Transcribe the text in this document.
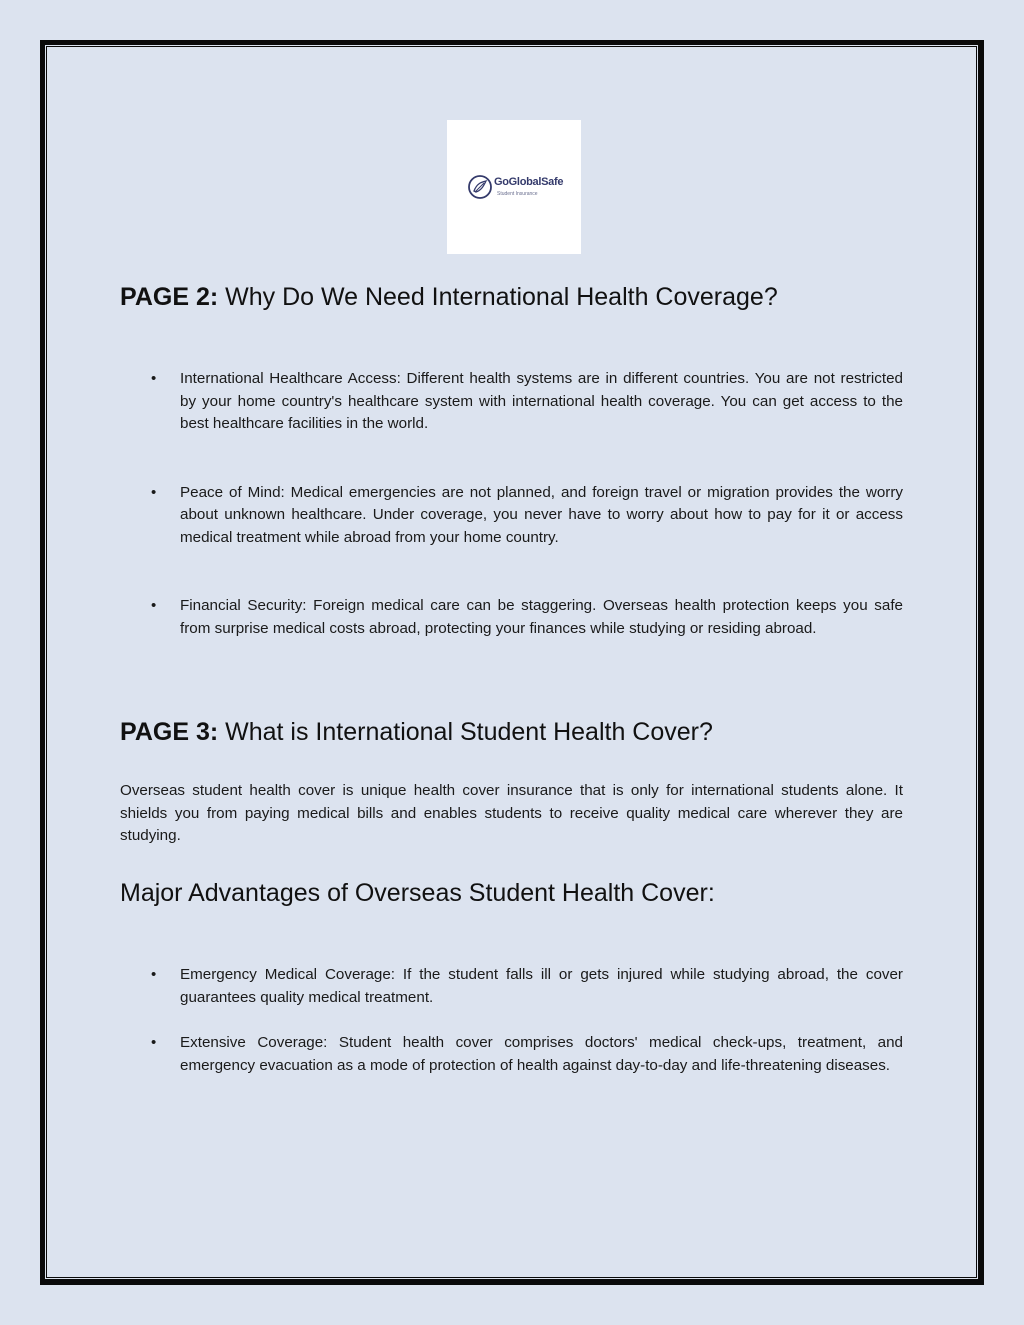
GoGlobalSafe
Student Insurance
PAGE 2: Why Do We Need International Health Coverage?
• International Healthcare Access: Different health systems are in different countries. You are not restricted by your home country's healthcare system with international health coverage. You can get access to the best healthcare facilities in the world.
• Peace of Mind: Medical emergencies are not planned, and foreign travel or migration provides the worry about unknown healthcare. Under coverage, you never have to worry about how to pay for it or access medical treatment while abroad from your home country.
• Financial Security: Foreign medical care can be staggering. Overseas health protection keeps you safe from surprise medical costs abroad, protecting your finances while studying or residing abroad.
PAGE 3: What is International Student Health Cover?

Overseas student health cover is unique health cover insurance that is only for international students alone. It shields you from paying medical bills and enables students to receive quality medical care wherever they are studying.

Major Advantages of Overseas Student Health Cover:
• Emergency Medical Coverage: If the student falls ill or gets injured while studying abroad, the cover guarantees quality medical treatment.
• Extensive Coverage: Student health cover comprises doctors' medical check-ups, treatment, and emergency evacuation as a mode of protection of health against day-to-day and life-threatening diseases.
